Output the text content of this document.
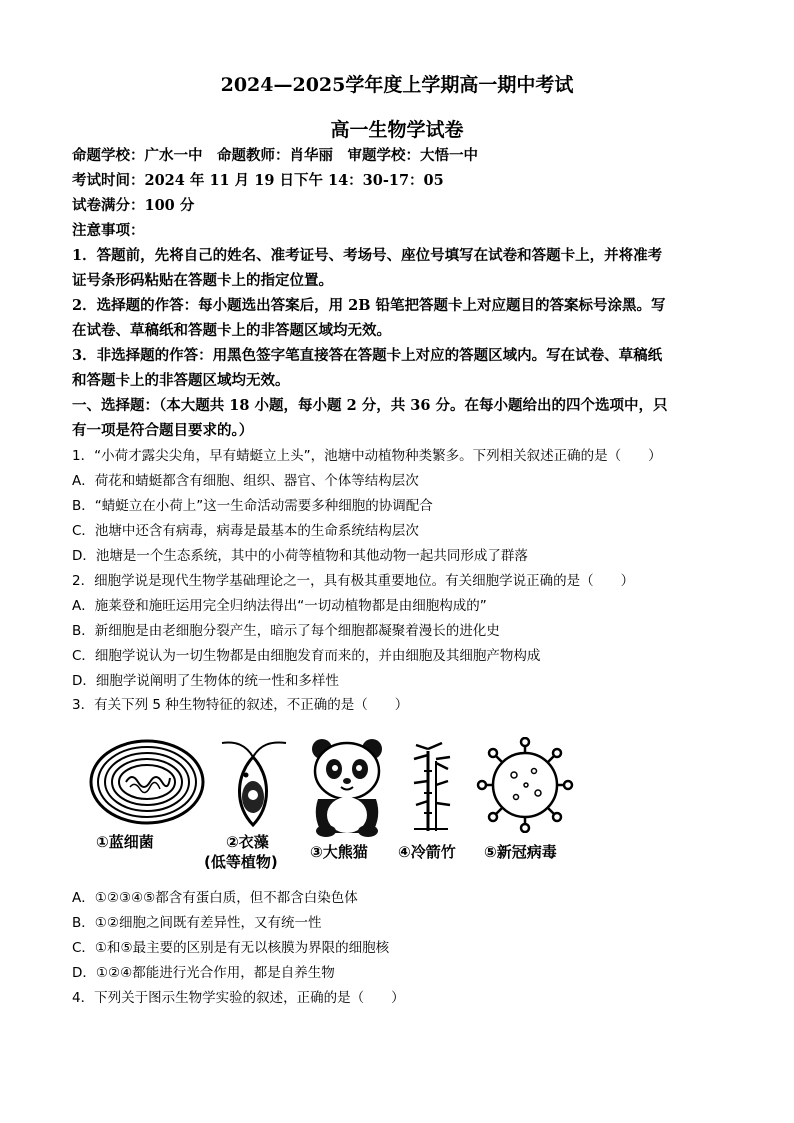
2024—2025学年度上学期高一期中考试
高一生物学试卷
命题学校：广水一中　命题教师：肖华丽　审题学校：大悟一中
考试时间：2024 年 11 月 19 日下午 14：30-17：05
试卷满分：100 分
注意事项：
1．答题前，先将自己的姓名、准考证号、考场号、座位号填写在试卷和答题卡上，并将准考
证号条形码粘贴在答题卡上的指定位置。
2．选择题的作答：每小题选出答案后，用 2B 铅笔把答题卡上对应题目的答案标号涂黑。写
在试卷、草稿纸和答题卡上的非答题区域均无效。
3．非选择题的作答：用黑色签字笔直接答在答题卡上对应的答题区域内。写在试卷、草稿纸
和答题卡上的非答题区域均无效。
一、选择题：（本大题共 18 小题，每小题 2 分，共 36 分。在每小题给出的四个选项中，只
有一项是符合题目要求的。）
1．“小荷才露尖尖角，早有蜻蜓立上头”，池塘中动植物种类繁多。下列相关叙述正确的是（　　）
A．荷花和蜻蜓都含有细胞、组织、器官、个体等结构层次
B．“蜻蜓立在小荷上”这一生命活动需要多种细胞的协调配合
C．池塘中还含有病毒，病毒是最基本的生命系统结构层次
D．池塘是一个生态系统，其中的小荷等植物和其他动物一起共同形成了群落
2．细胞学说是现代生物学基础理论之一，具有极其重要地位。有关细胞学说正确的是（　　）
A．施莱登和施旺运用完全归纳法得出“一切动植物都是由细胞构成的”
B．新细胞是由老细胞分裂产生，暗示了每个细胞都凝聚着漫长的进化史
C．细胞学说认为一切生物都是由细胞发育而来的，并由细胞及其细胞产物构成
D．细胞学说阐明了生物体的统一性和多样性
3．有关下列 5 种生物特征的叙述，不正确的是（　　）
①蓝细菌	②衣藻
(低等植物)
③大熊猫 ④冷箭竹 ⑤新冠病毒
A．①②③④⑤都含有蛋白质，但不都含白染色体
B．①②细胞之间既有差异性，又有统一性
C．①和⑤最主要的区别是有无以核膜为界限的细胞核
D．①②④都能进行光合作用，都是自养生物
4．下列关于图示生物学实验的叙述，正确的是（　　）
